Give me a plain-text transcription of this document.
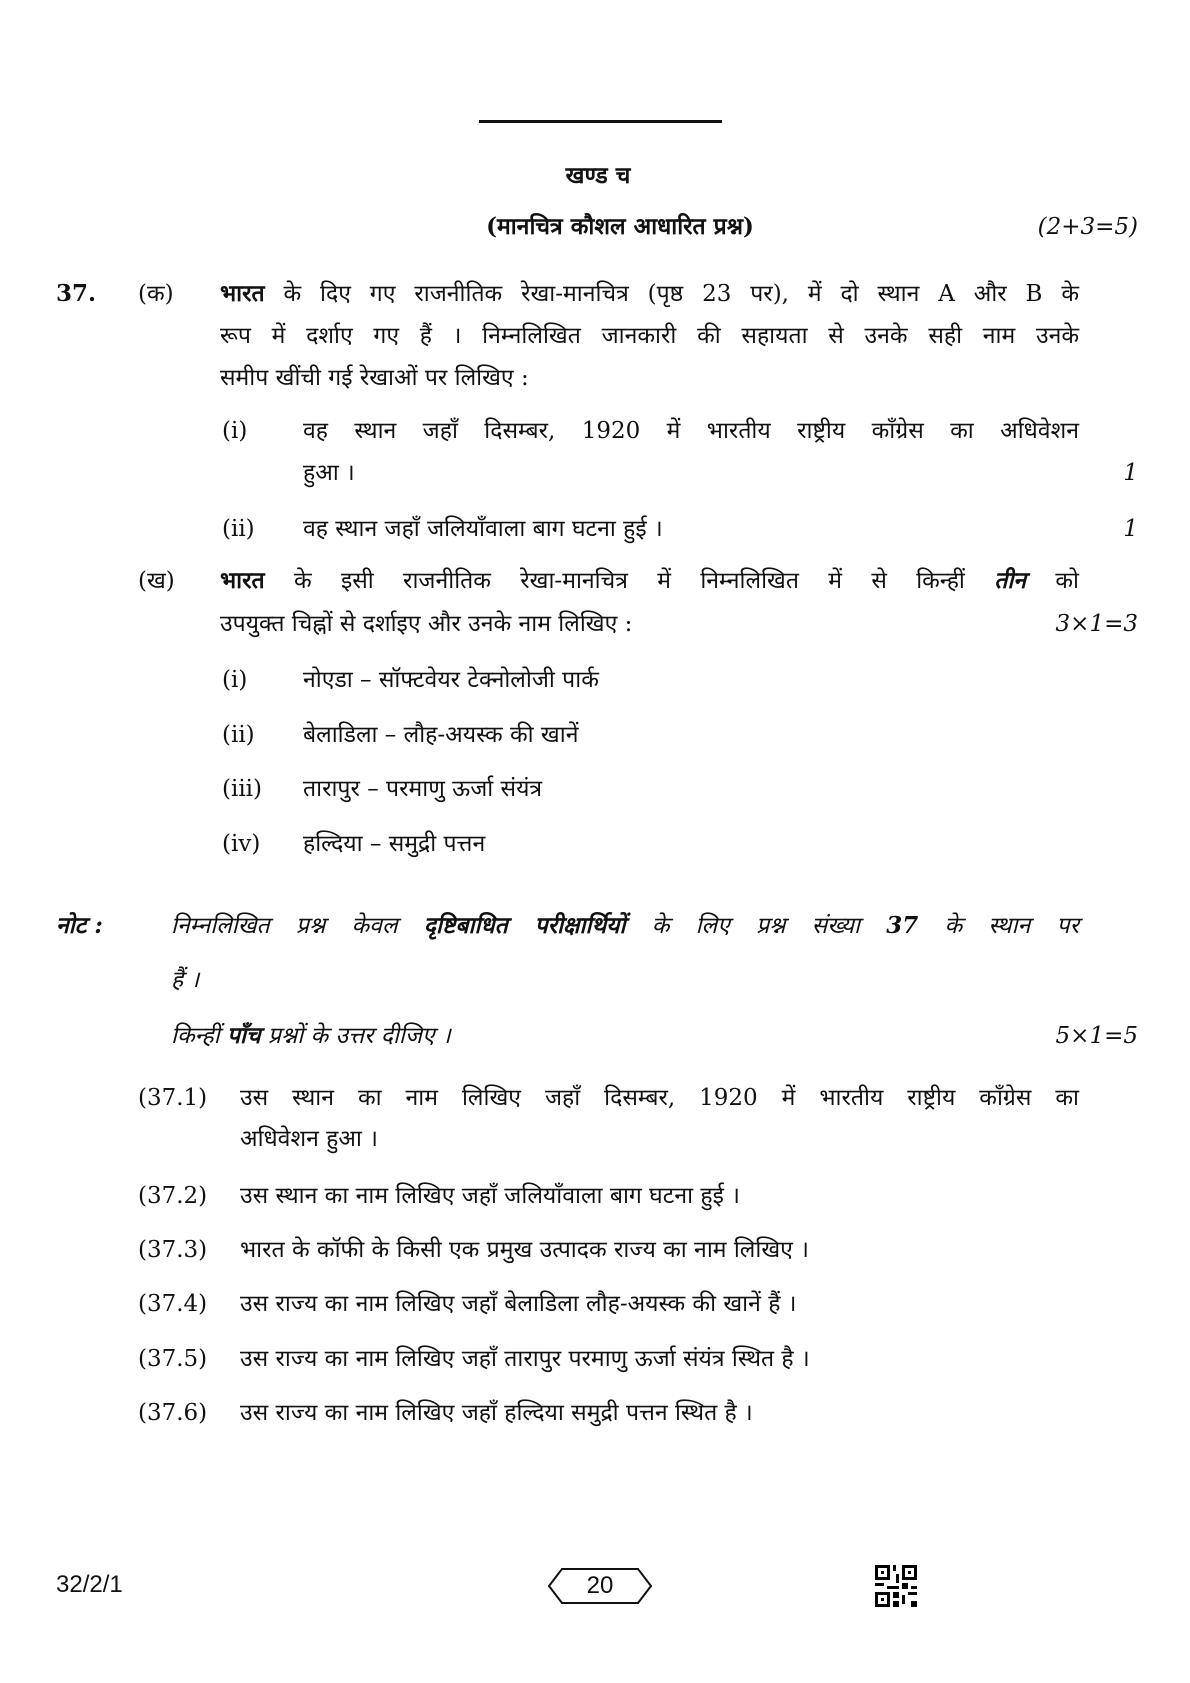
खण्ड च
(मानचित्र कौशल आधारित प्रश्न)	(2+3=5)
37. (क) भारत के दिए गए राजनीतिक रेखा-मानचित्र (पृष्ठ 23 पर), में दो स्थान A और B के
रूप में दर्शाए गए हैं । निम्नलिखित जानकारी की सहायता से उनके सही नाम उनके
समीप खींची गई रेखाओं पर लिखिए :
(i) वह स्थान जहाँ दिसम्बर, 1920 में भारतीय राष्ट्रीय कॉंग्रेस का अधिवेशन
हुआ ।	1
(ii) वह स्थान जहाँ जलियाँवाला बाग घटना हुई ।	1
(ख) भारत के इसी राजनीतिक रेखा-मानचित्र में निम्नलिखित में से किन्हीं तीन को
उपयुक्त चिह्नों से दर्शाइए और उनके नाम लिखिए :	3×1=3
(i) नोएडा – सॉफ्टवेयर टेक्नोलोजी पार्क
(ii) बेलाडिला – लौह-अयस्क की खानें
(iii) तारापुर – परमाणु ऊर्जा संयंत्र
(iv) हल्दिया – समुद्री पत्तन
नोट :	निम्नलिखित प्रश्न केवल दृष्टिबाधित परीक्षार्थियों के लिए प्रश्न संख्या 37 के स्थान पर
हैं ।
किन्हीं पाँच प्रश्नों के उत्तर दीजिए ।	5×1=5
(37.1) उस स्थान का नाम लिखिए जहाँ दिसम्बर, 1920 में भारतीय राष्ट्रीय कॉंग्रेस का
अधिवेशन हुआ ।
(37.2) उस स्थान का नाम लिखिए जहाँ जलियाँवाला बाग घटना हुई ।
(37.3) भारत के कॉफी के किसी एक प्रमुख उत्पादक राज्य का नाम लिखिए ।
(37.4) उस राज्य का नाम लिखिए जहाँ बेलाडिला लौह-अयस्क की खानें हैं ।
(37.5) उस राज्य का नाम लिखिए जहाँ तारापुर परमाणु ऊर्जा संयंत्र स्थित है ।
(37.6) उस राज्य का नाम लिखिए जहाँ हल्दिया समुद्री पत्तन स्थित है ।
32/2/1	20
